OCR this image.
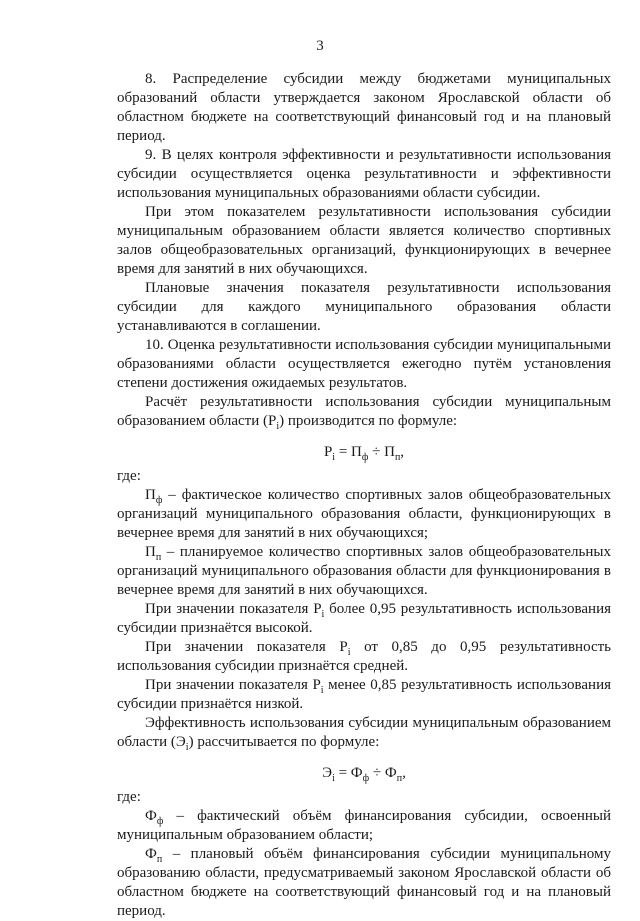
3

8. Распределение субсидии между бюджетами муниципальных образований области утверждается законом Ярославской области об областном бюджете на соответствующий финансовый год и на плановый период.

9. В целях контроля эффективности и результативности использования субсидии осуществляется оценка результативности и эффективности использования муниципальных образованиями области субсидии.

При этом показателем результативности использования субсидии муниципальным образованием области является количество спортивных залов общеобразовательных организаций, функционирующих в вечернее время для занятий в них обучающихся.

Плановые значения показателя результативности использования субсидии для каждого муниципального образования области устанавливаются в соглашении.

10. Оценка результативности использования субсидии муниципальными образованиями области осуществляется ежегодно путём установления степени достижения ожидаемых результатов.

Расчёт результативности использования субсидии муниципальным образованием области $(Р_i)$ производится по формуле:

$Р_i = П_ф \div П_п$,

где:

$П_ф$ – фактическое количество спортивных залов общеобразовательных организаций муниципального образования области, функционирующих в вечернее время для занятий в них обучающихся;

$П_п$ – планируемое количество спортивных залов общеобразовательных организаций муниципального образования области для функционирования в вечернее время для занятий в них обучающихся.

При значении показателя $Р_i$ более 0,95 результативность использования субсидии признаётся высокой.

При значении показателя $Р_i$ от 0,85 до 0,95 результативность использования субсидии признаётся средней.

При значении показателя $Р_i$ менее 0,85 результативность использования субсидии признаётся низкой.

Эффективность использования субсидии муниципальным образованием области $(Э_i)$ рассчитывается по формуле:

$Э_i = Ф_ф \div Ф_п$,

где:

$Ф_ф$ – фактический объём финансирования субсидии, освоенный муниципальным образованием области;

$Ф_п$ – плановый объём финансирования субсидии муниципальному образованию области, предусматриваемый законом Ярославской области об областном бюджете на соответствующий финансовый год и на плановый период.
